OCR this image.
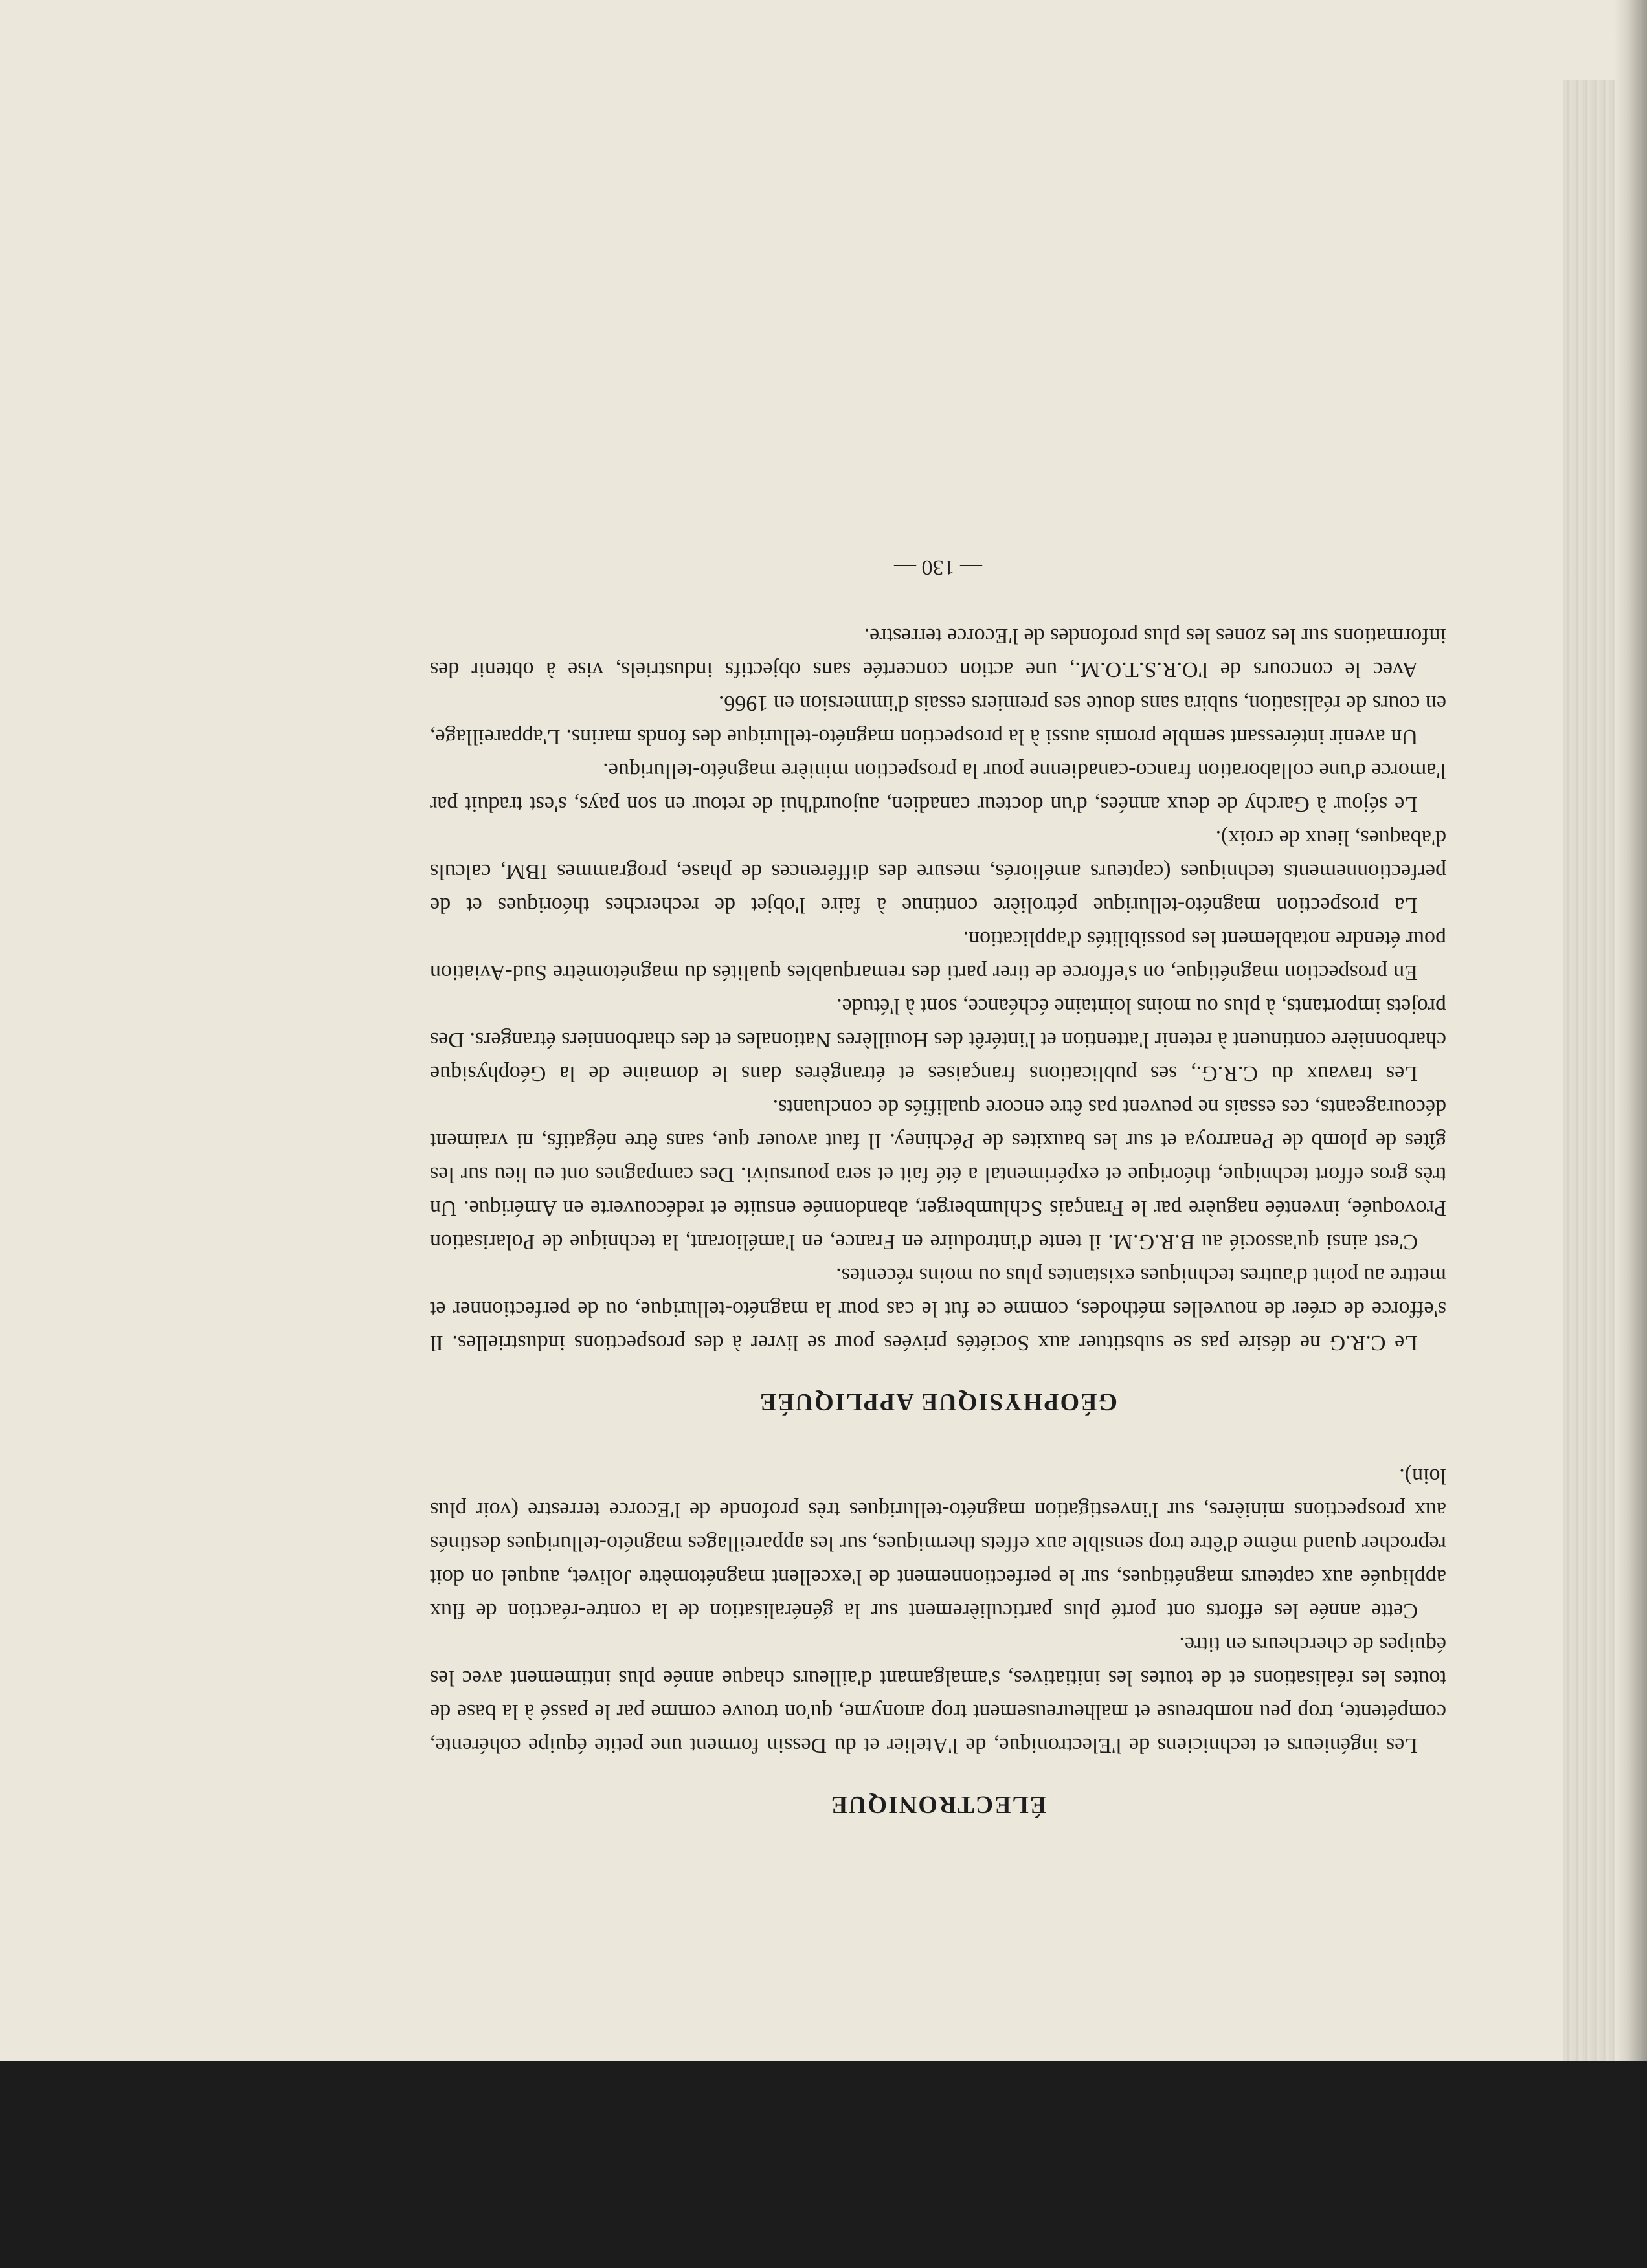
ÉLECTRONIQUE

Les ingénieurs et techniciens de l'Electronique, de l'Atelier et du Dessin forment une petite équipe cohérente, compétente, trop peu nombreuse et malheureusement trop anonyme, qu'on trouve comme par le passé à la base de toutes les réalisations et de toutes les initiatives, s'amalgamant d'ailleurs chaque année plus intimement avec les équipes de chercheurs en titre.

Cette année les efforts ont porté plus particulièrement sur la généralisation de la contre-réaction de flux appliquée aux capteurs magnétiques, sur le perfectionnement de l'excellent magnétomètre Jolivet, auquel on doit reprocher quand même d'être trop sensible aux effets thermiques, sur les appareillages magnéto-telluriques destinés aux prospections minières, sur l'investigation magnéto-telluriques très profonde de l'Ecorce terrestre (voir plus loin).

GÉOPHYSIQUE APPLIQUÉE

Le C.R.G ne désire pas se substituer aux Sociétés privées pour se livrer à des prospections industrielles. Il s'efforce de créer de nouvelles méthodes, comme ce fut le cas pour la magnéto-tellurique, ou de perfectionner et mettre au point d'autres techniques existantes plus ou moins récentes.

C'est ainsi qu'associé au B.R.G.M. il tente d'introduire en France, en l'améliorant, la technique de Polarisation Provoquée, inventée naguère par le Français Schlumberger, abandonnée ensuite et redécouverte en Amérique. Un très gros effort technique, théorique et expérimental a été fait et sera poursuivi. Des campagnes ont eu lieu sur les gîtes de plomb de Penarroya et sur les bauxites de Péchiney. Il faut avouer que, sans être négatifs, ni vraiment décourageants, ces essais ne peuvent pas être encore qualifiés de concluants.

Les travaux du C.R.G., ses publications françaises et étrangères dans le domaine de la Géophysique charbonnière continuent à retenir l'attention et l'intérêt des Houillères Nationales et des charbonniers étrangers. Des projets importants, à plus ou moins lointaine échéance, sont à l'étude.

En prospection magnétique, on s'efforce de tirer parti des remarquables qualités du magnétomètre Sud-Aviation pour étendre notablement les possibilités d'application.

La prospection magnéto-tellurique pétrolière continue à faire l'objet de recherches théoriques et de perfectionnements techniques (capteurs améliorés, mesure des différences de phase, programmes IBM, calculs d'abaques, lieux de croix).

Le séjour à Garchy de deux années, d'un docteur canadien, aujourd'hui de retour en son pays, s'est traduit par l'amorce d'une collaboration franco-canadienne pour la prospection minière magnéto-tellurique.

Un avenir intéressant semble promis aussi à la prospection magnéto-tellurique des fonds marins. L'appareillage, en cours de réalisation, subira sans doute ses premiers essais d'immersion en 1966.

Avec le concours de l'O.R.S.T.O.M., une action concertée sans objectifs industriels, vise à obtenir des informations sur les zones les plus profondes de l'Ecorce terrestre.

— 130 —
